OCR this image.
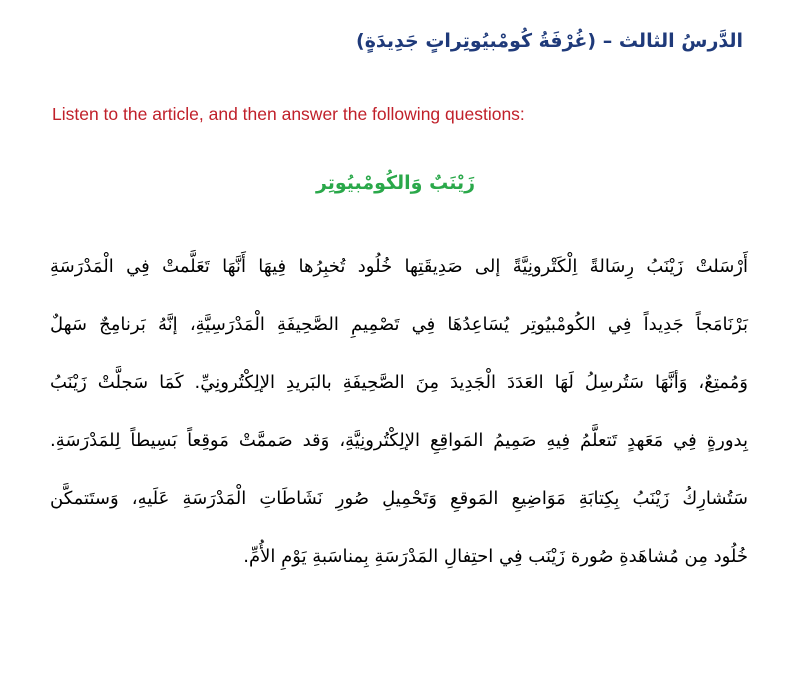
الدَّرسُ الثالث – (غُرْفَةُ كُومْبيُوتِراتٍ جَدِيدَةٍ)
Listen to the article, and then answer the following questions:
زَيْنَبٌ وَالكُومْبيُوتِر
أَرْسَلتْ زَيْنَبُ رِسَالةً اِلْكَتْرونِيَّةً إلى صَدِيقَتِها خُلُود تُخبِرُها فِيهَا أَنَّهَا تَعَلَّمتْ فِي الْمَدْرَسَةِ
بَرْنَامَجاً جَدِيداً فِي الكُومْبيُوتِر يُسَاعِدُهَا فِي تَصْمِيمِ الصَّحِيفَةِ الْمَدْرَسِيَّةِ، إنَّهُ بَرنامِجٌ سَهلٌ
وَمُمتِعٌ، وَأنَّهَا سَتُرسِلُ لَهَا العَدَدَ الْجَدِيدَ مِنَ الصَّحِيفَةِ بالبَريدِ الإلِكْتُرونِيِّ. كَمَا سَجلَّتْ زَيْنَبُ
بِدورةٍ فِي مَعَهدٍ تَتعلَّمُ فِيهِ صَمِيمُ المَواقِعِ الإلِكْتُرونِيَّةِ، وَقد صَممَّتْ مَوقِعاً بَسِيطاً لِلمَدْرَسَةِ.
سَتُشارِكُ زَيْنَبُ بِكِتابَةِ مَوَاضِيعِ المَوقعِ وَتَحْمِيلِ صُورِ نَشَاطَاتِ الْمَدْرَسَةِ عَلَيهِ، وَستَتمكَّن
خُلُود مِن مُشاهَدةِ صُورة زَيْنَب فِي احتِفالِ المَدْرَسَةِ بِمناسَبةِ يَوْمِ الأُمِّ.
